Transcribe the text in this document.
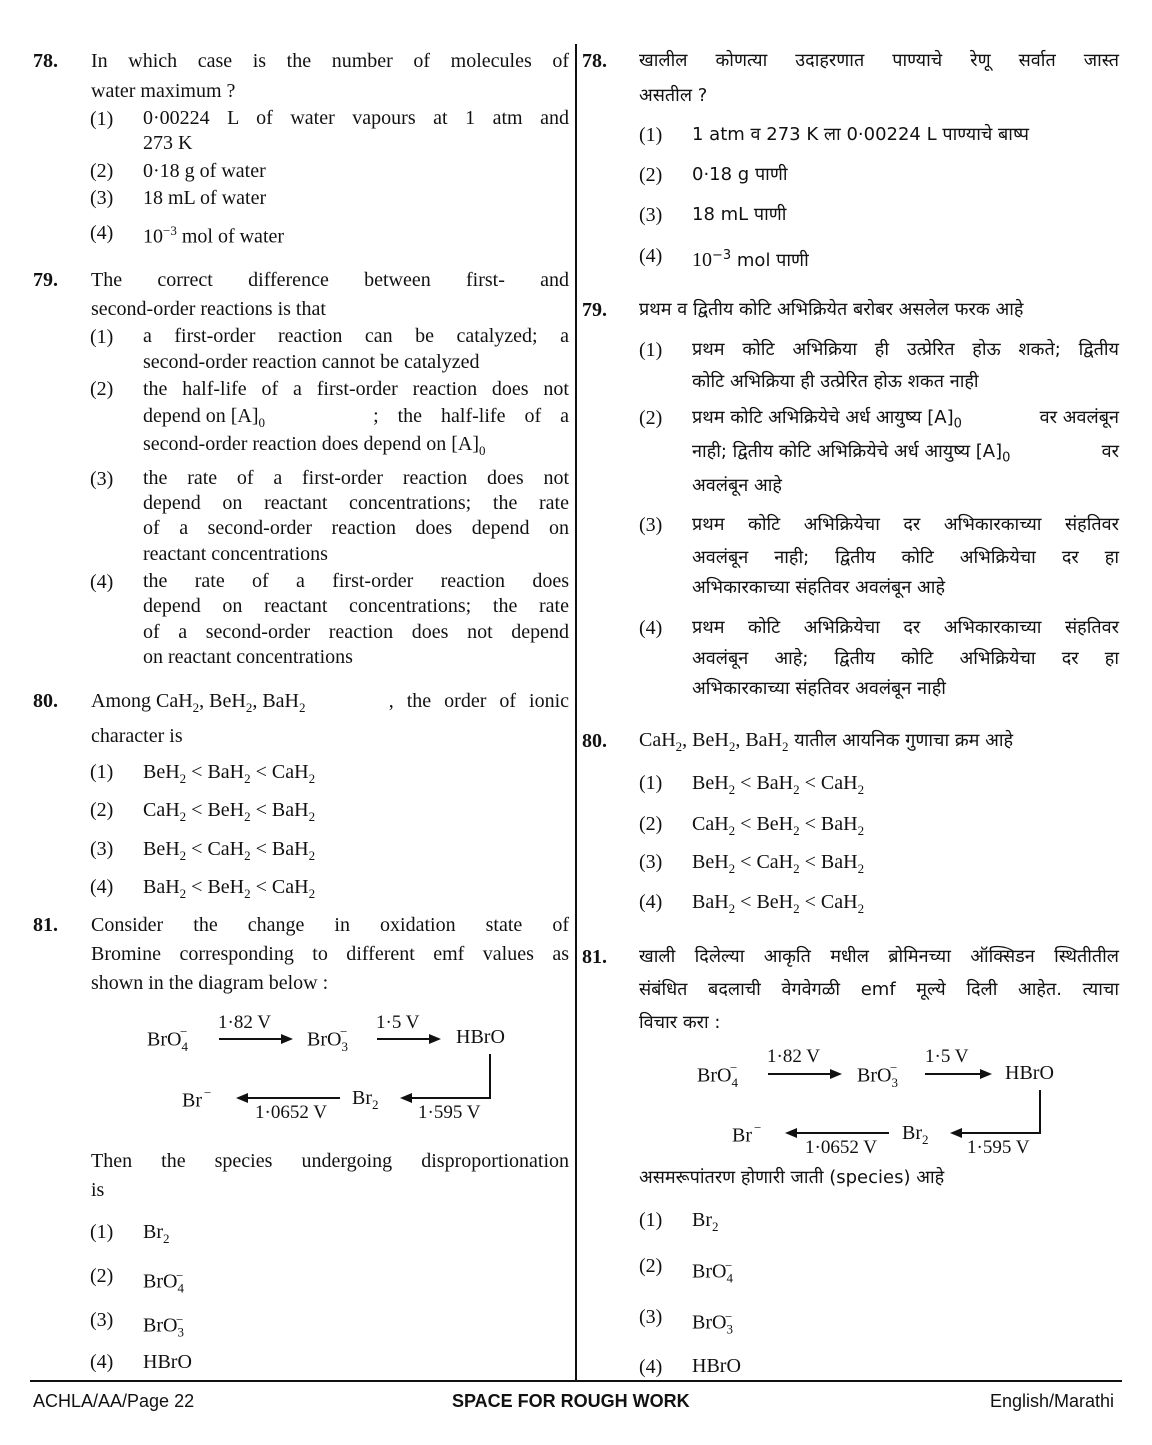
78. In which case is the number of molecules of
water maximum ?
(1) 0·00224 L of water vapours at 1 atm and
273 K
(2) 0·18 g of water
(3) 18 mL of water
(4) $10^{-3}$ mol of water
79. The correct difference between first- and
second-order reactions is that
(1) a first-order reaction can be catalyzed; a
second-order reaction cannot be catalyzed
(2) the half-life of a first-order reaction does not
depend on $[A]_0$	; the half-life of a
second-order reaction does depend on $[A]_0$
(3) the rate of a first-order reaction does not
depend on reactant concentrations; the rate
of a second-order reaction does depend on
reactant concentrations
(4) the rate of a first-order reaction does
depend on reactant concentrations; the rate
of a second-order reaction does not depend
on reactant concentrations
80. Among CaH$_2$, BeH$_2$, BaH$_2$	, the order of ionic
character is
(1) BeH$_2$ < BaH$_2$ < CaH$_2$
(2) CaH$_2$ < BeH$_2$ < BaH$_2$
(3) BeH$_2$ < CaH$_2$ < BaH$_2$
(4) BaH$_2$ < BeH$_2$ < CaH$_2$
81. Consider the change in oxidation state of
Bromine corresponding to different emf values as
shown in the diagram below :
BrO$_4$−	1·82 V
BrO$_3$−	1·5 V
HBrO
1·595 V
$Br_2$
1·0652 V
Br −
Then the species undergoing disproportionation
is
(1) $Br_2$
(2) BrO$_4$−
(3) BrO$_3$−
(4) HBrO
78. खालील कोणत्या उदाहरणात पाण्याचे रेणू सर्वात जास्त
असतील ?
(1) 1 atm व 273 K ला 0·00224 L पाण्याचे बाष्प
(2) 0·18 g पाणी
(3) 18 mL पाणी
(4) $10^{-3}$ mol पाणी
79. प्रथम व द्वितीय कोटि अभिक्रियेत बरोबर असलेल फरक आहे
(1) प्रथम कोटि अभिक्रिया ही उत्प्रेरित होऊ शकते; द्वितीय
कोटि अभिक्रिया ही उत्प्रेरित होऊ शकत नाही
(2) प्रथम कोटि अभिक्रियेचे अर्ध आयुष्य $[A]_0$	वर अवलंबून
नाही; द्वितीय कोटि अभिक्रियेचे अर्ध आयुष्य $[A]_0$	वर
अवलंबून आहे
(3) प्रथम कोटि अभिक्रियेचा दर अभिकारकाच्या संहतिवर
अवलंबून नाही; द्वितीय कोटि अभिक्रियेचा दर हा
अभिकारकाच्या संहतिवर अवलंबून आहे
(4) प्रथम कोटि अभिक्रियेचा दर अभिकारकाच्या संहतिवर
अवलंबून आहे; द्वितीय कोटि अभिक्रियेचा दर हा
अभिकारकाच्या संहतिवर अवलंबून नाही
80. CaH$_2$, BeH$_2$, BaH$_2$ यातील आयनिक गुणाचा क्रम आहे
(1) BeH$_2$ < BaH$_2$ < CaH$_2$
(2) CaH$_2$ < BeH$_2$ < BaH$_2$
(3) BeH$_2$ < CaH$_2$ < BaH$_2$
(4) BaH$_2$ < BeH$_2$ < CaH$_2$
81. खाली दिलेल्या आकृति मधील ब्रोमिनच्या ऑक्सिडन स्थितीतील
संबंधित बदलाची वेगवेगळी emf मूल्ये दिली आहेत. त्याचा
विचार करा :
BrO$_4$−
1·82 V
BrO$_3$−
1·5 V
HBrO
1·595 V
$Br_2$
1·0652 V
Br −
असमरूपांतरण होणारी जाती (species) आहे
(1) $Br_2$
(2) BrO$_4$−
(3) BrO$_3$−
(4) HBrO
ACHLA/AA/Page 22	SPACE FOR ROUGH WORK	English/Marathi
